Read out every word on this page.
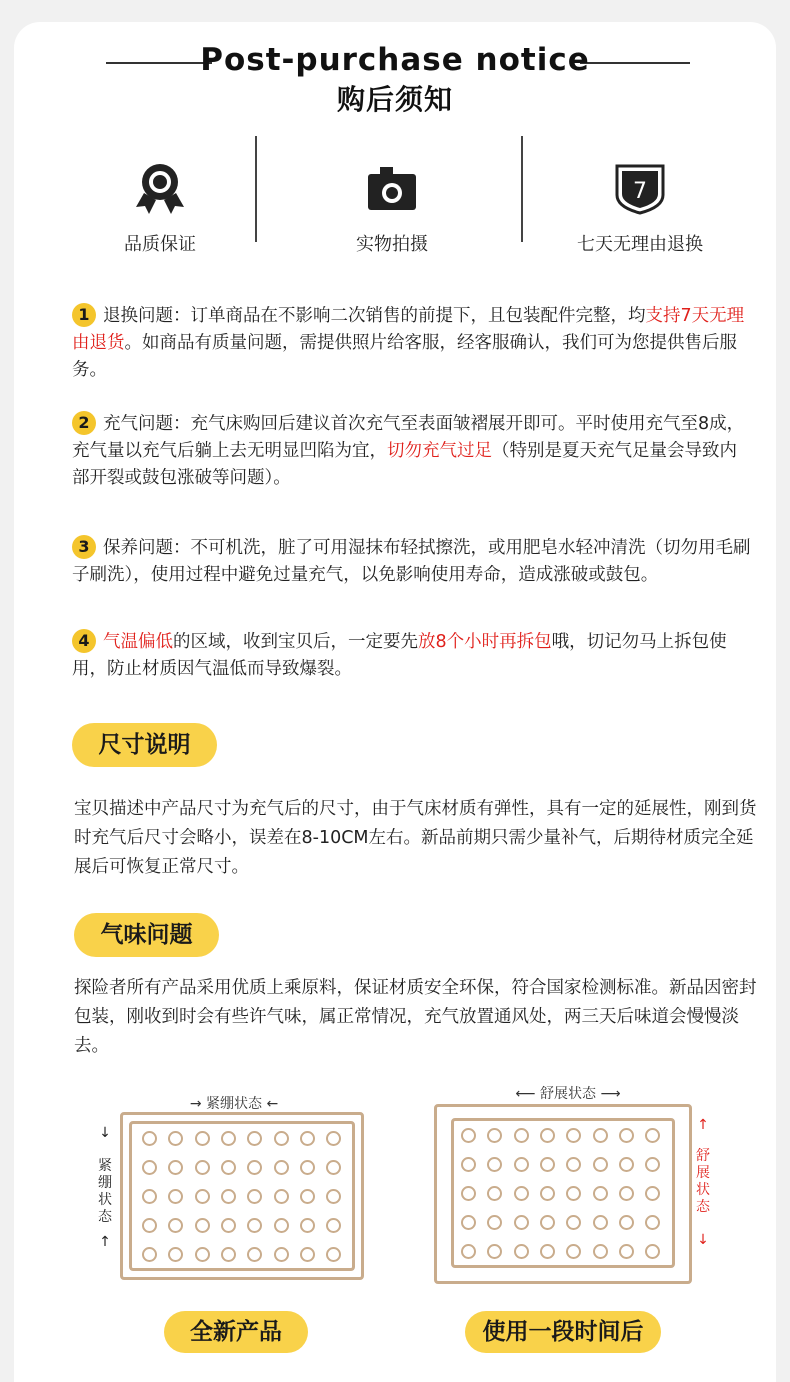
Post-purchase notice
购后须知
品质保证	实物拍摄
7
七天无理由退换
1 退换问题：订单商品在不影响二次销售的前提下，且包装配件完整，均支持7天无理由退货。如商品有质量问题，需提供照片给客服，经客服确认，我们可为您提供售后服务。
2 充气问题：充气床购回后建议首次充气至表面皱褶展开即可。平时使用充气至8成，充气量以充气后躺上去无明显凹陷为宜，切勿充气过足（特别是夏天充气足量会导致内部开裂或鼓包涨破等问题）。
3 保养问题：不可机洗，脏了可用湿抹布轻拭擦洗，或用肥皂水轻冲清洗（切勿用毛刷子刷洗），使用过程中避免过量充气，以免影响使用寿命，造成涨破或鼓包。
4 气温偏低的区域，收到宝贝后，一定要先放8个小时再拆包哦，切记勿马上拆包使用，防止材质因气温低而导致爆裂。
尺寸说明
宝贝描述中产品尺寸为充气后的尺寸，由于气床材质有弹性，具有一定的延展性，刚到货时充气后尺寸会略小，误差在8-10CM左右。新品前期只需少量补气，后期待材质完全延展后可恢复正常尺寸。
气味问题
探险者所有产品采用优质上乘原料，保证材质安全环保，符合国家检测标准。新品因密封包装，刚收到时会有些许气味，属正常情况，充气放置通风处，两三天后味道会慢慢淡去。
→ 紧绷状态 ←
↓
紧绷状态
↑
全新产品
⟵ 舒展状态 ⟶
↑
舒展状态
↓
使用一段时间后
